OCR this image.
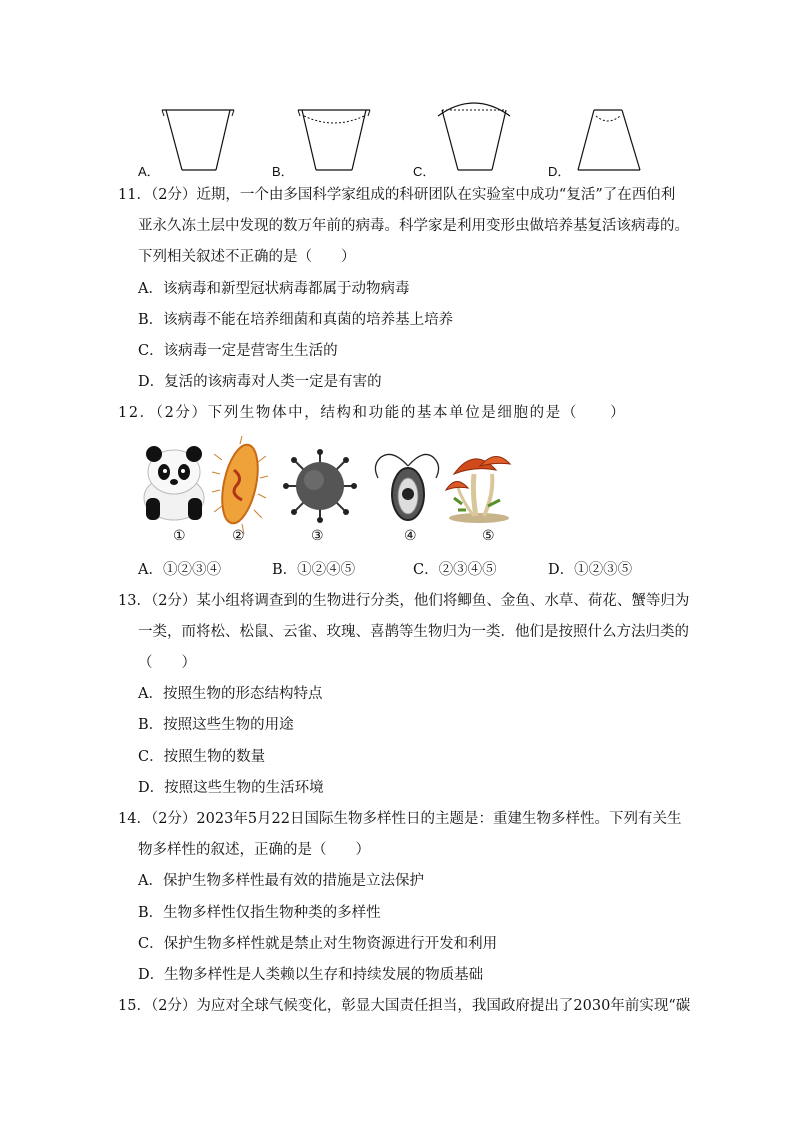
A．	B．	C．	D．
11．（2分）近期，一个由多国科学家组成的科研团队在实验室中成功“复活”了在西伯利
亚永久冻土层中发现的数万年前的病毒。科学家是利用变形虫做培养基复活该病毒的。
下列相关叙述不正确的是（　　）
A．该病毒和新型冠状病毒都属于动物病毒
B．该病毒不能在培养细菌和真菌的培养基上培养
C．该病毒一定是营寄生生活的
D．复活的该病毒对人类一定是有害的
12．（2分）下列生物体中，结构和功能的基本单位是细胞的是（　　）
①	②	③	④	⑤
A．①②③④	B．①②④⑤	C．②③④⑤	D．①②③⑤
13．（2分）某小组将调查到的生物进行分类，他们将鲫鱼、金鱼、水草、荷花、蟹等归为
一类，而将松、松鼠、云雀、玫瑰、喜鹊等生物归为一类．他们是按照什么方法归类的
（　　）
A．按照生物的形态结构特点
B．按照这些生物的用途
C．按照生物的数量
D．按照这些生物的生活环境
14．（2分）2023年5月22日国际生物多样性日的主题是：重建生物多样性。下列有关生
物多样性的叙述，正确的是（　　）
A．保护生物多样性最有效的措施是立法保护
B．生物多样性仅指生物种类的多样性
C．保护生物多样性就是禁止对生物资源进行开发和利用
D．生物多样性是人类赖以生存和持续发展的物质基础
15．（2分）为应对全球气候变化，彰显大国责任担当，我国政府提出了2030年前实现“碳
